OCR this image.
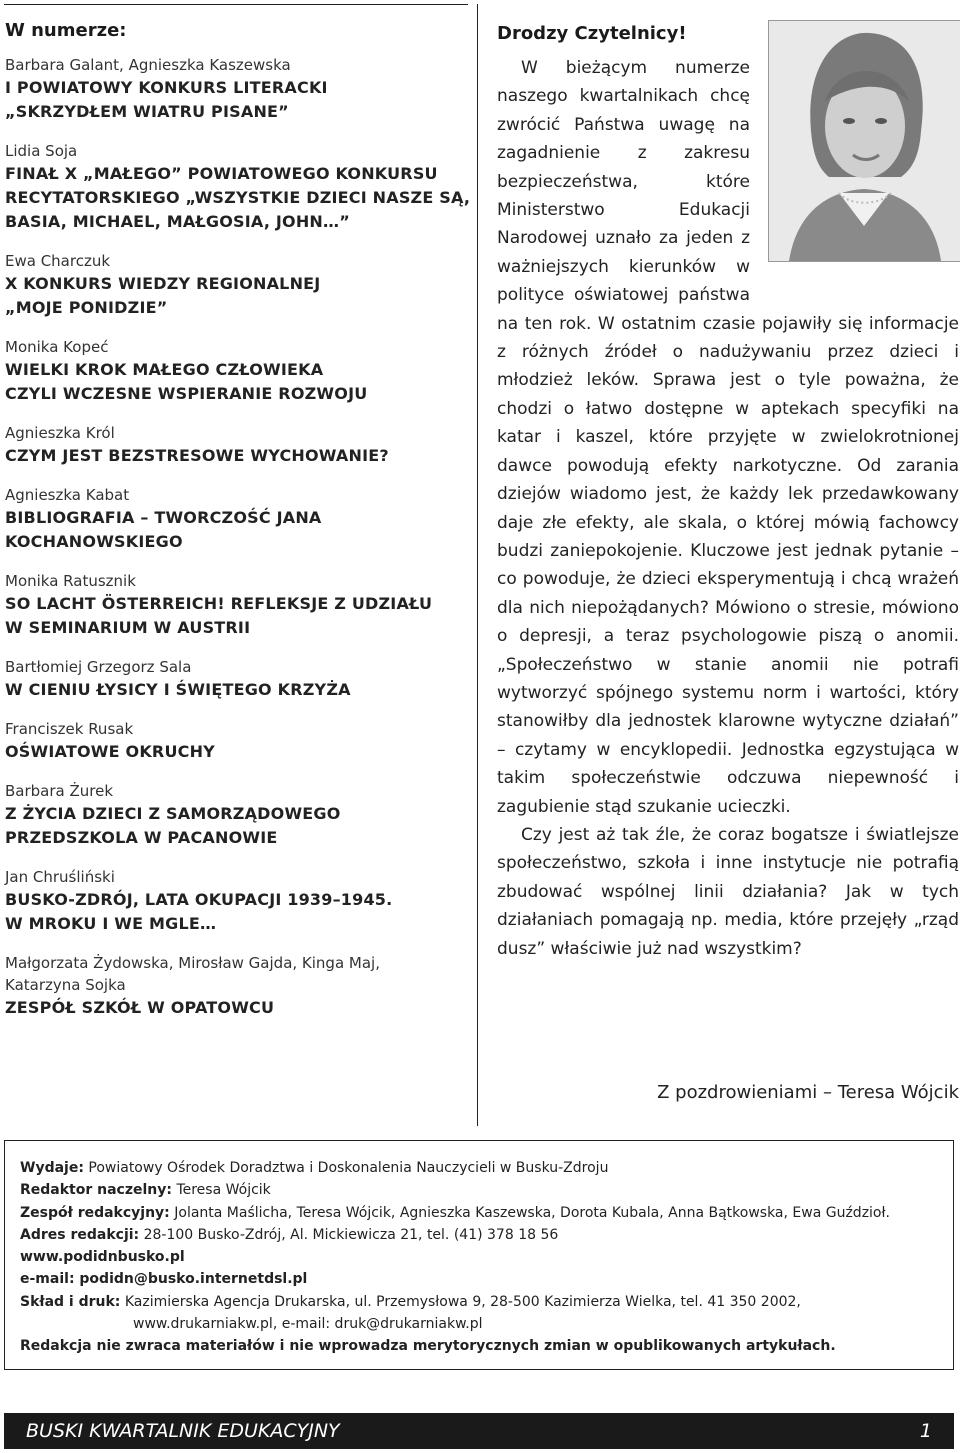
W numerze:
Barbara Galant, Agnieszka Kaszewska
I POWIATOWY KONKURS LITERACKI
„SKRZYDŁEM WIATRU PISANE”
Lidia Soja
FINAŁ X „MAŁEGO” POWIATOWEGO KONKURSU
RECYTATORSKIEGO „WSZYSTKIE DZIECI NASZE SĄ,
BASIA, MICHAEL, MAŁGOSIA, JOHN…”
Ewa Charczuk
X KONKURS WIEDZY REGIONALNEJ
„MOJE PONIDZIE”
Monika Kopeć
WIELKI KROK MAŁEGO CZŁOWIEKA
CZYLI WCZESNE WSPIERANIE ROZWOJU
Agnieszka Król
CZYM JEST BEZSTRESOWE WYCHOWANIE?
Agnieszka Kabat
BIBLIOGRAFIA – TWORCZOŚĆ JANA
KOCHANOWSKIEGO
Monika Ratusznik
SO LACHT ÖSTERREICH! REFLEKSJE Z UDZIAŁU
W SEMINARIUM W AUSTRII
Bartłomiej Grzegorz Sala
W CIENIU ŁYSICY I ŚWIĘTEGO KRZYŻA
Franciszek Rusak
OŚWIATOWE OKRUCHY
Barbara Żurek
Z ŻYCIA DZIECI Z SAMORZĄDOWEGO
PRZEDSZKOLA W PACANOWIE
Jan Chruśliński
BUSKO-ZDRÓJ, LATA OKUPACJI 1939–1945.
W MROKU I WE MGLE…
Małgorzata Żydowska, Mirosław Gajda, Kinga Maj,
Katarzyna Sojka
ZESPÓŁ SZKÓŁ W OPATOWCU
Drodzy Czytelnicy!

W bieżącym numerze naszego kwartalnikach chcę zwrócić Państwa uwagę na zagadnienie z zakresu bezpieczeństwa, które Ministerstwo Edukacji Narodowej uznało za jeden z ważniejszych kierunków w polityce oświatowej państwa na ten rok. W ostatnim czasie pojawiły się informacje z różnych źródeł o nadużywaniu przez dzieci i młodzież leków. Sprawa jest o tyle poważna, że chodzi o łatwo dostępne w aptekach specyfiki na katar i kaszel, które przyjęte w zwielokrotnionej dawce powodują efekty narkotyczne. Od zarania dziejów wiadomo jest, że każdy lek przedawkowany daje złe efekty, ale skala, o której mówią fachowcy budzi zaniepokojenie. Kluczowe jest jednak pytanie – co powoduje, że dzieci eksperymentują i chcą wrażeń dla nich niepożądanych? Mówiono o stresie, mówiono o depresji, a teraz psychologowie piszą o anomii. „Społeczeństwo w stanie anomii nie potrafi wytworzyć spójnego systemu norm i wartości, który stanowiłby dla jednostek klarowne wytyczne działań” – czytamy w encyklopedii. Jednostka egzystująca w takim społeczeństwie odczuwa niepewność i zagubienie stąd szukanie ucieczki.

Czy jest aż tak źle, że coraz bogatsze i światlejsze społeczeństwo, szkoła i inne instytucje nie potrafią zbudować wspólnej linii działania? Jak w tych działaniach pomagają np. media, które przejęły „rząd dusz” właściwie już nad wszystkim?

Z pozdrowieniami – Teresa Wójcik
Wydaje: Powiatowy Ośrodek Doradztwa i Doskonalenia Nauczycieli w Busku-Zdroju
Redaktor naczelny: Teresa Wójcik
Zespół redakcyjny: Jolanta Maślicha, Teresa Wójcik, Agnieszka Kaszewska, Dorota Kubala, Anna Bątkowska, Ewa Guździoł.
Adres redakcji: 28-100 Busko-Zdrój, Al. Mickiewicza 21, tel. (41) 378 18 56
www.podidnbusko.pl
e-mail: podidn@busko.internetdsl.pl
Skład i druk: Kazimierska Agencja Drukarska, ul. Przemysłowa 9, 28-500 Kazimierza Wielka, tel. 41 350 2002,
www.drukarniakw.pl, e-mail: druk@drukarniakw.pl
Redakcja nie zwraca materiałów i nie wprowadza merytorycznych zmian w opublikowanych artykułach.
BUSKI KWARTALNIK EDUKACYJNY	1
